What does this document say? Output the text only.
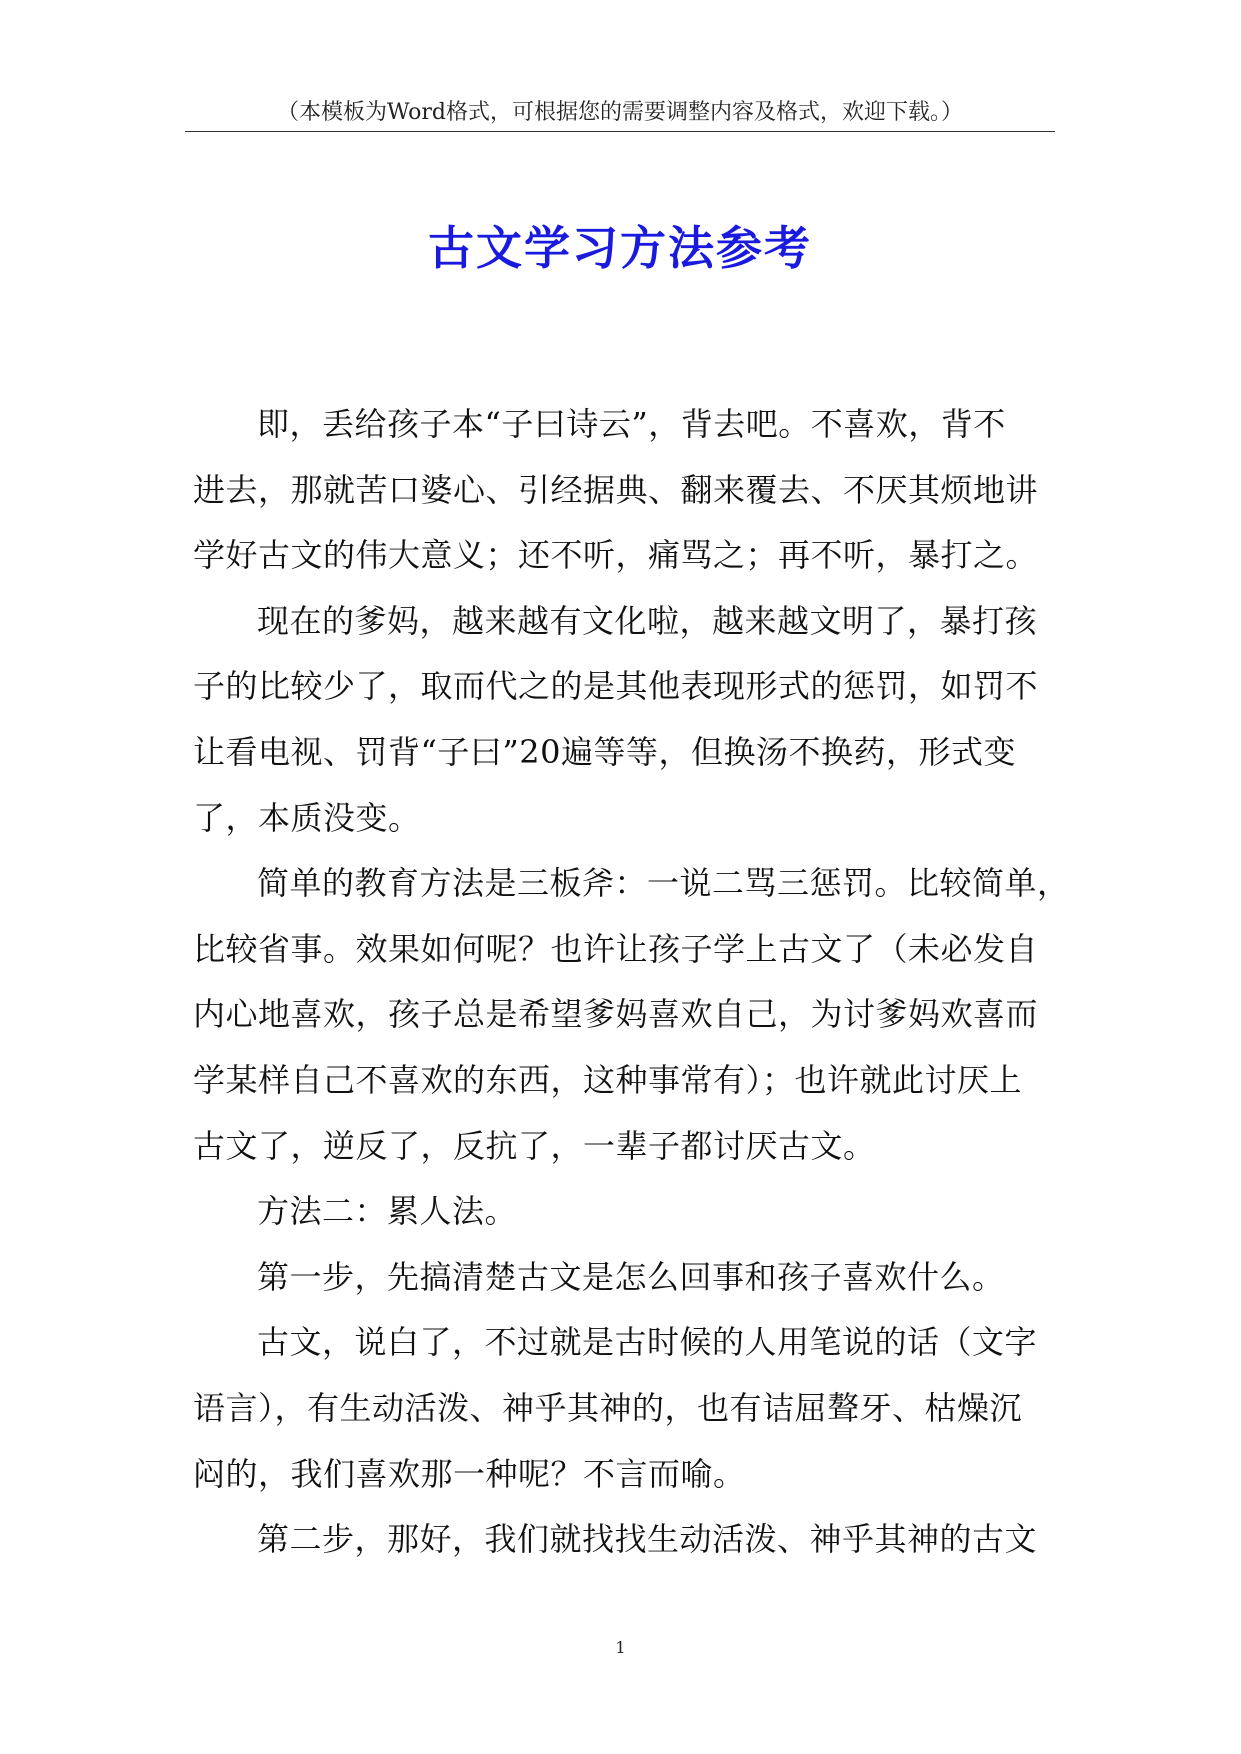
（本模板为Word格式，可根据您的需要调整内容及格式，欢迎下载。）
古文学习方法参考
即，丢给孩子本“子曰诗云”，背去吧。不喜欢，背不
进去，那就苦口婆心、引经据典、翻来覆去、不厌其烦地讲
学好古文的伟大意义；还不听，痛骂之；再不听，暴打之。
现在的爹妈，越来越有文化啦，越来越文明了，暴打孩
子的比较少了，取而代之的是其他表现形式的惩罚，如罚不
让看电视、罚背“子曰”20遍等等，但换汤不换药，形式变
了，本质没变。
简单的教育方法是三板斧：一说二骂三惩罚。比较简单，
比较省事。效果如何呢？也许让孩子学上古文了（未必发自
内心地喜欢，孩子总是希望爹妈喜欢自己，为讨爹妈欢喜而
学某样自己不喜欢的东西，这种事常有）；也许就此讨厌上
古文了，逆反了，反抗了，一辈子都讨厌古文。
方法二：累人法。
第一步，先搞清楚古文是怎么回事和孩子喜欢什么。
古文，说白了，不过就是古时候的人用笔说的话（文字
语言），有生动活泼、神乎其神的，也有诘屈聱牙、枯燥沉
闷的，我们喜欢那一种呢？不言而喻。
第二步，那好，我们就找找生动活泼、神乎其神的古文
1
